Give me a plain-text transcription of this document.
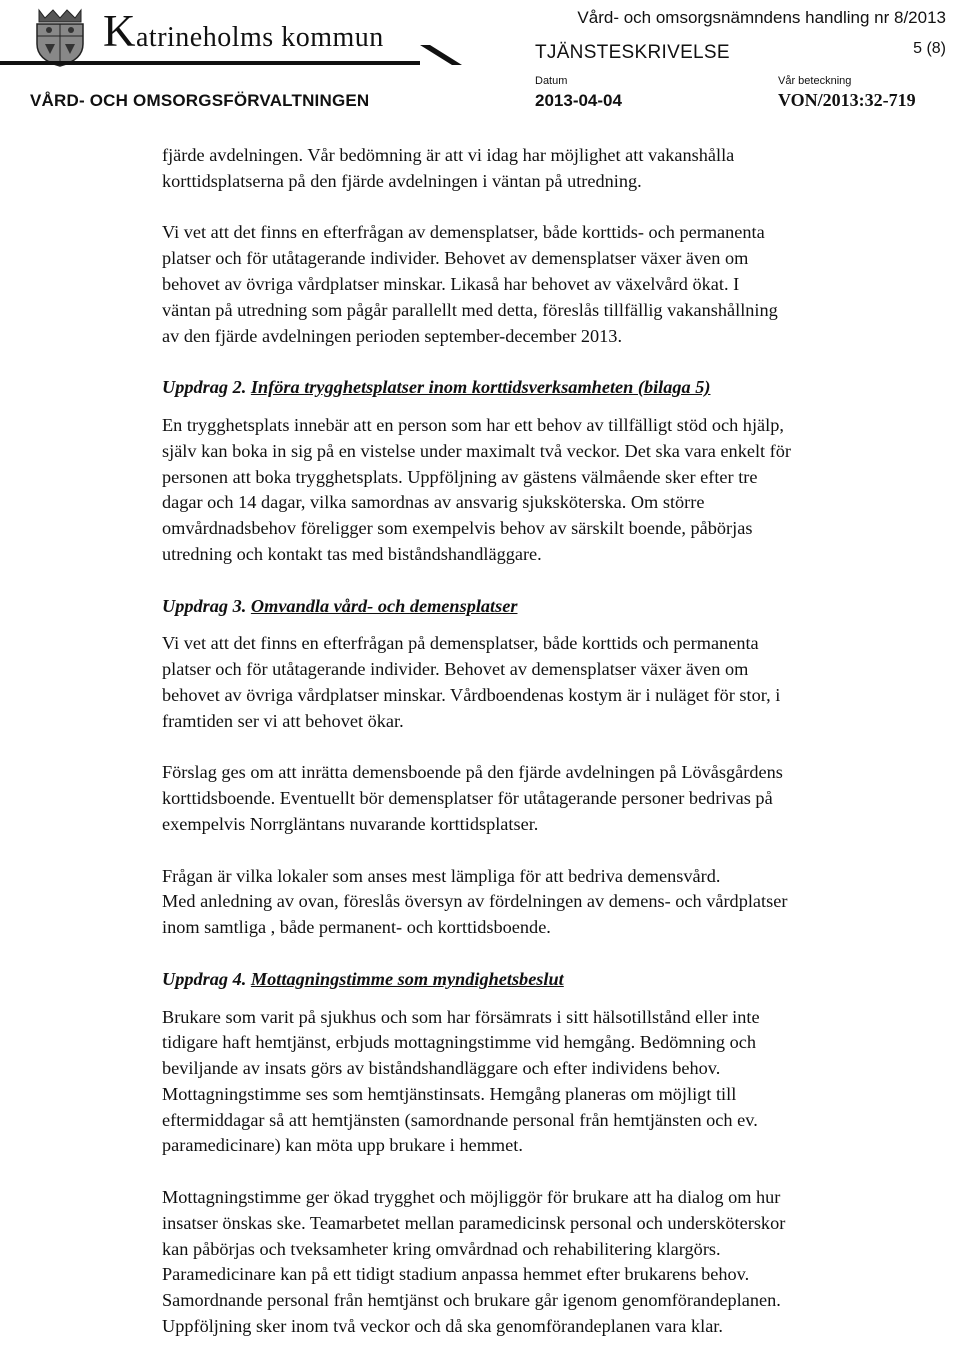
Katrineholms kommun
Vård- och omsorgsnämndens handling nr 8/2013
TJÄNSTESKRIVELSE	5 (8)
VÅRD- OCH OMSORGSFÖRVALTNINGEN
Datum
2013-04-04
Vår beteckning
VON/2013:32-719

fjärde avdelningen. Vår bedömning är att vi idag har möjlighet att vakanshålla
korttidsplatserna på den fjärde avdelningen i väntan på utredning.

Vi vet att det finns en efterfrågan av demensplatser, både korttids- och permanenta
platser och för utåtagerande individer. Behovet av demensplatser växer även om
behovet av övriga vårdplatser minskar. Likaså har behovet av växelvård ökat. I
väntan på utredning som pågår parallellt med detta, föreslås tillfällig vakanshållning
av den fjärde avdelningen perioden september-december 2013.

Uppdrag 2. Införa trygghetsplatser inom korttidsverksamheten (bilaga 5)

En trygghetsplats innebär att en person som har ett behov av tillfälligt stöd och hjälp,
själv kan boka in sig på en vistelse under maximalt två veckor. Det ska vara enkelt för
personen att boka trygghetsplats. Uppföljning av gästens välmående sker efter tre
dagar och 14 dagar, vilka samordnas av ansvarig sjuksköterska. Om större
omvårdnadsbehov föreligger som exempelvis behov av särskilt boende, påbörjas
utredning och kontakt tas med biståndshandläggare.

Uppdrag 3. Omvandla vård- och demensplatser

Vi vet att det finns en efterfrågan på demensplatser, både korttids och permanenta
platser och för utåtagerande individer. Behovet av demensplatser växer även om
behovet av övriga vårdplatser minskar. Vårdboendenas kostym är i nuläget för stor, i
framtiden ser vi att behovet ökar.

Förslag ges om att inrätta demensboende på den fjärde avdelningen på Lövåsgårdens
korttidsboende. Eventuellt bör demensplatser för utåtagerande personer bedrivas på
exempelvis Norrgläntans nuvarande korttidsplatser.

Frågan är vilka lokaler som anses mest lämpliga för att bedriva demensvård.
Med anledning av ovan, föreslås översyn av fördelningen av demens- och vårdplatser
inom samtliga , både permanent- och korttidsboende.

Uppdrag 4. Mottagningstimme som myndighetsbeslut

Brukare som varit på sjukhus och som har försämrats i sitt hälsotillstånd eller inte
tidigare haft hemtjänst, erbjuds mottagningstimme vid hemgång. Bedömning och
beviljande av insats görs av biståndshandläggare och efter individens behov.
Mottagningstimme ses som hemtjänstinsats. Hemgång planeras om möjligt till
eftermiddagar så att hemtjänsten (samordnande personal från hemtjänsten och ev.
paramedicinare) kan möta upp brukare i hemmet.

Mottagningstimme ger ökad trygghet och möjliggör för brukare att ha dialog om hur
insatser önskas ske. Teamarbetet mellan paramedicinsk personal och undersköterskor
kan påbörjas och tveksamheter kring omvårdnad och rehabilitering klargörs.
Paramedicinare kan på ett tidigt stadium anpassa hemmet efter brukarens behov.
Samordnande personal från hemtjänst och brukare går igenom genomförandeplanen.
Uppföljning sker inom två veckor och då ska genomförandeplanen vara klar.
